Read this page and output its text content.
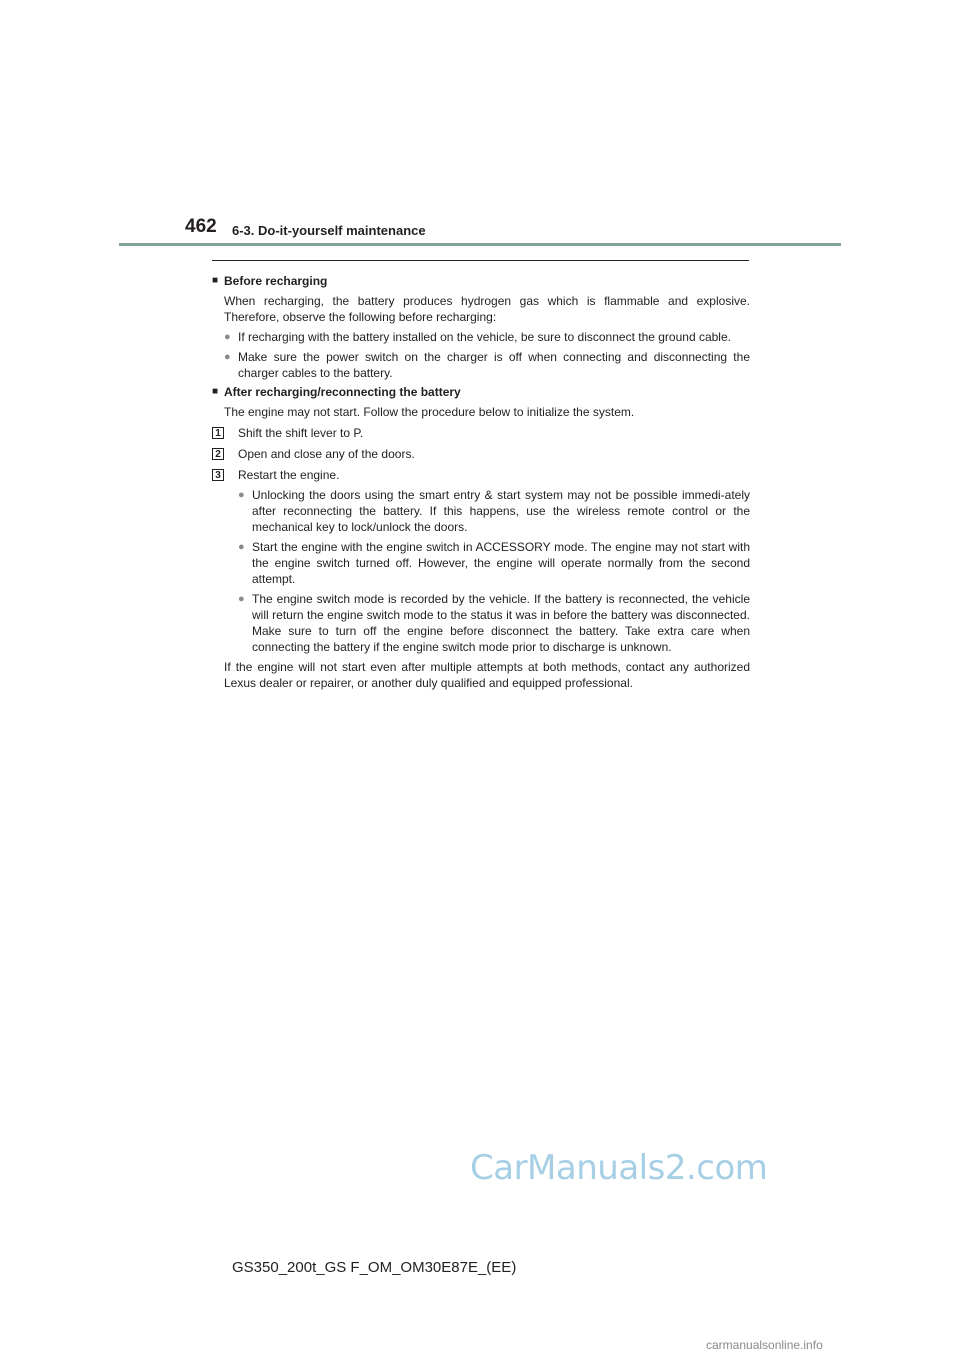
462 6-3. Do-it-yourself maintenance
■ Before recharging
When recharging, the battery produces hydrogen gas which is flammable and explosive. Therefore, observe the following before recharging:
● If recharging with the battery installed on the vehicle, be sure to disconnect the ground cable.
● Make sure the power switch on the charger is off when connecting and disconnecting the charger cables to the battery.
■ After recharging/reconnecting the battery
The engine may not start. Follow the procedure below to initialize the system.
1 Shift the shift lever to P.
2 Open and close any of the doors.
3 Restart the engine.
● Unlocking the doors using the smart entry & start system may not be possible immedi-ately after reconnecting the battery. If this happens, use the wireless remote control or the mechanical key to lock/unlock the doors.
● Start the engine with the engine switch in ACCESSORY mode. The engine may not start with the engine switch turned off. However, the engine will operate normally from the second attempt.
● The engine switch mode is recorded by the vehicle. If the battery is reconnected, the vehicle will return the engine switch mode to the status it was in before the battery was disconnected. Make sure to turn off the engine before disconnect the battery. Take extra care when connecting the battery if the engine switch mode prior to discharge is unknown.
If the engine will not start even after multiple attempts at both methods, contact any authorized Lexus dealer or repairer, or another duly qualified and equipped professional.
CarManuals2.com
GS350_200t_GS F_OM_OM30E87E_(EE)
carmanualsonline.info
